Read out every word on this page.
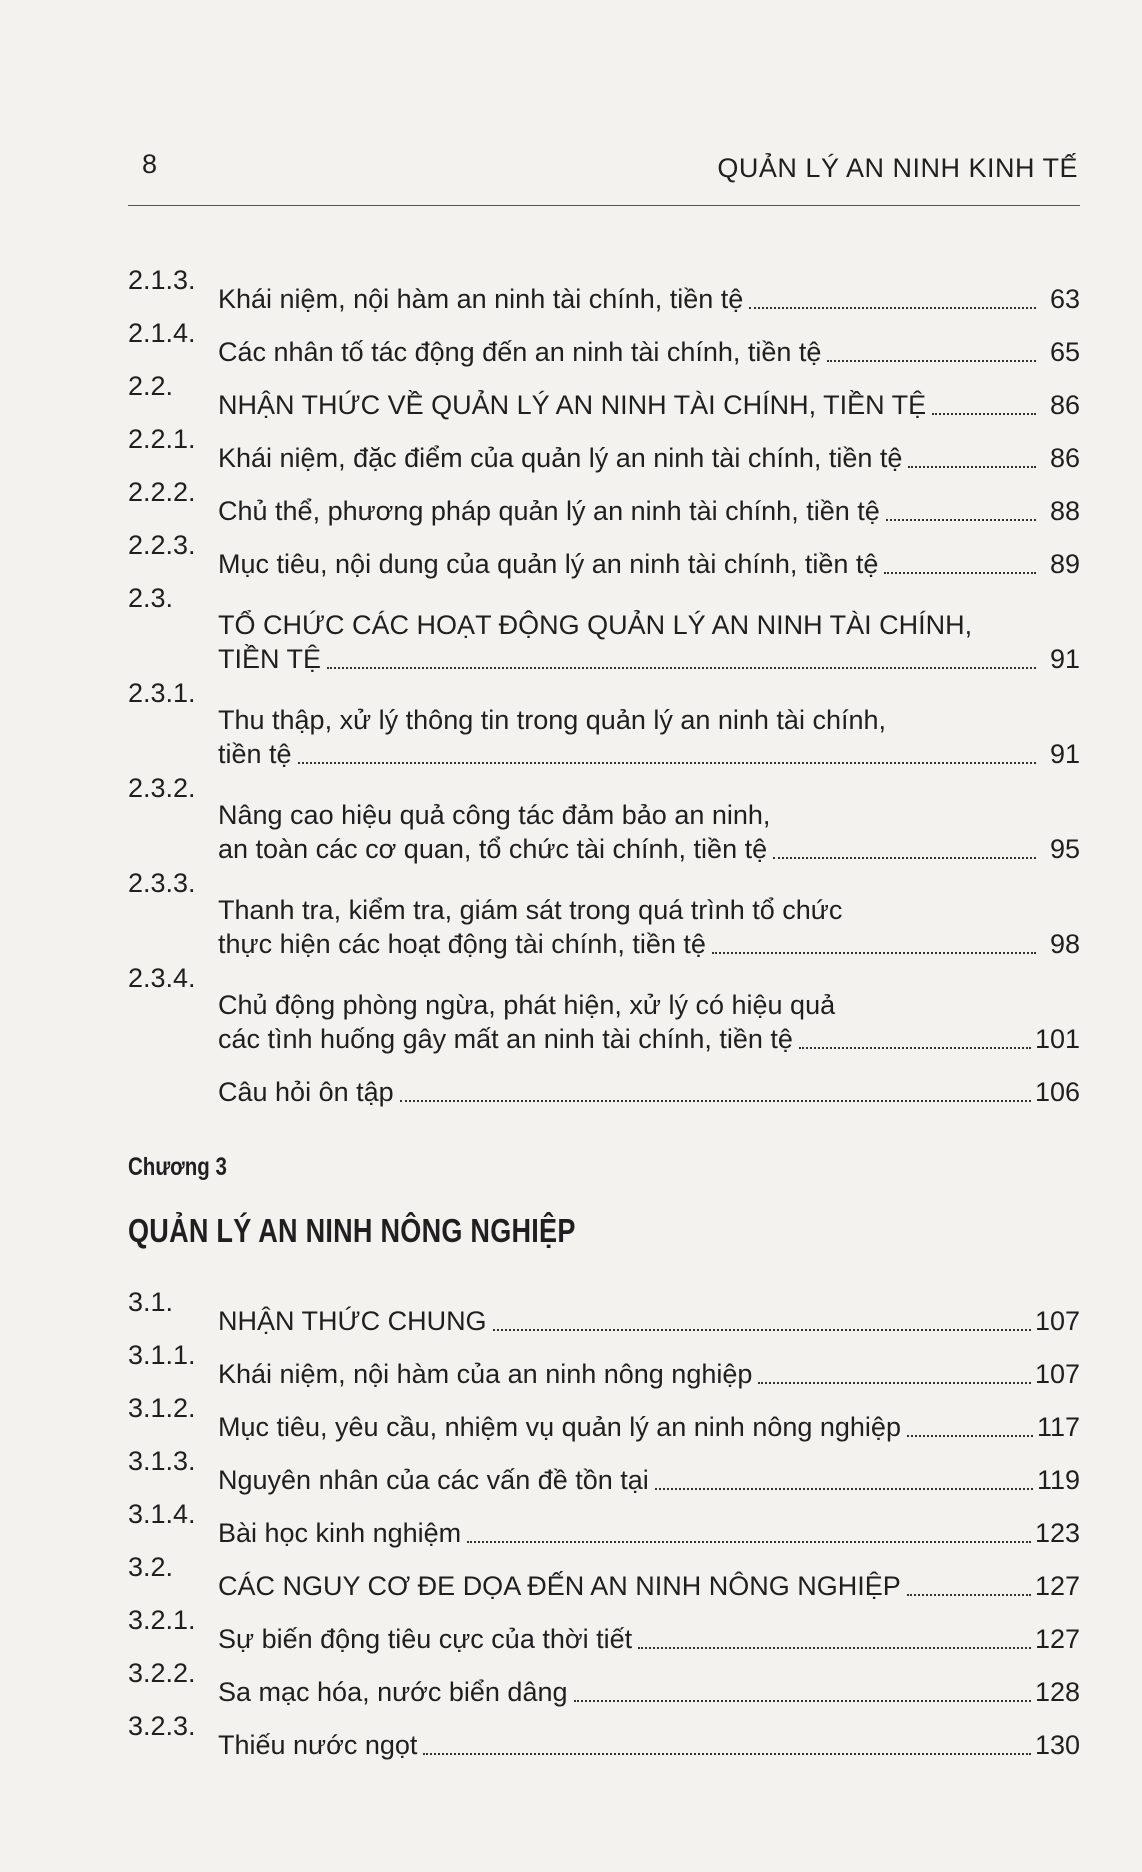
8	QUẢN LÝ AN NINH KINH TẾ
2.1.3.
Khái niệm, nội hàm an ninh tài chính, tiền tệ	63
2.1.4.
Các nhân tố tác động đến an ninh tài chính, tiền tệ	65
2.2.
NHẬN THỨC VỀ QUẢN LÝ AN NINH TÀI CHÍNH, TIỀN TỆ	86
2.2.1.
Khái niệm, đặc điểm của quản lý an ninh tài chính, tiền tệ	86
2.2.2.
Chủ thể, phương pháp quản lý an ninh tài chính, tiền tệ	88
2.2.3.
Mục tiêu, nội dung của quản lý an ninh tài chính, tiền tệ	89
2.3.
TỔ CHỨC CÁC HOẠT ĐỘNG QUẢN LÝ AN NINH TÀI CHÍNH,
TIỀN TỆ	91
2.3.1.
Thu thập, xử lý thông tin trong quản lý an ninh tài chính,
tiền tệ	91
2.3.2.
Nâng cao hiệu quả công tác đảm bảo an ninh,
an toàn các cơ quan, tổ chức tài chính, tiền tệ	95
2.3.3.
Thanh tra, kiểm tra, giám sát trong quá trình tổ chức
thực hiện các hoạt động tài chính, tiền tệ	98
2.3.4.
Chủ động phòng ngừa, phát hiện, xử lý có hiệu quả
các tình huống gây mất an ninh tài chính, tiền tệ	101
Câu hỏi ôn tập	106
Chương 3
QUẢN LÝ AN NINH NÔNG NGHIỆP
3.1.
NHẬN THỨC CHUNG	107
3.1.1.
Khái niệm, nội hàm của an ninh nông nghiệp	107
3.1.2.
Mục tiêu, yêu cầu, nhiệm vụ quản lý an ninh nông nghiệp	117
3.1.3.
Nguyên nhân của các vấn đề tồn tại	119
3.1.4.
Bài học kinh nghiệm	123
3.2.
CÁC NGUY CƠ ĐE DỌA ĐẾN AN NINH NÔNG NGHIỆP	127
3.2.1.
Sự biến động tiêu cực của thời tiết	127
3.2.2.
Sa mạc hóa, nước biển dâng	128
3.2.3.
Thiếu nước ngọt	130
